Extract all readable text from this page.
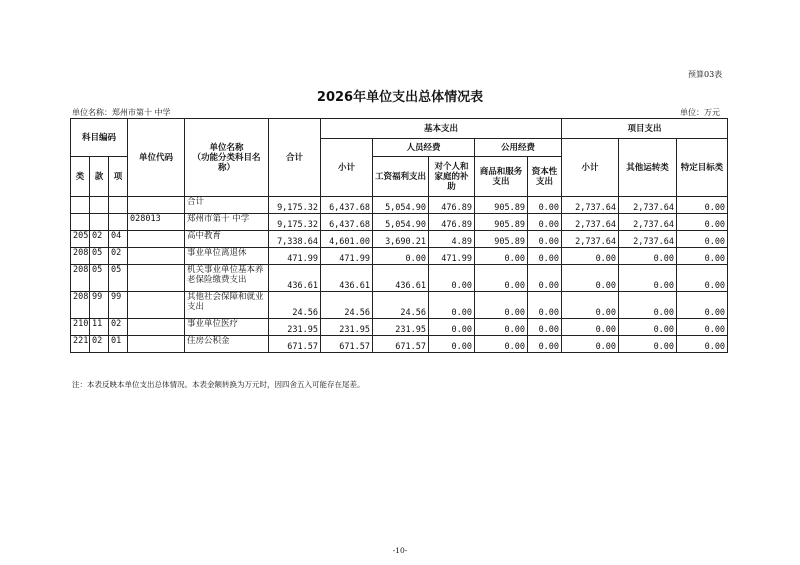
预算03表
2026年单位支出总体情况表
单位名称：郑州市第十 中学	单位：万元
科目编码			单位代码	单位名称
（功能分类科目名称）	合计	基本支出					项目支出		
						小计	人员经费		公用经费		小计	其他运转类	特定目标类
类	款	项					工资福利支出	对个人和家庭的补助	商品和服务支出	资本性支出			

				合计	9,175.32	6,437.68	5,054.90	476.89	905.89	0.00	2,737.64	2,737.64	0.00
			028013	郑州市第十 中学	9,175.32	6,437.68	5,054.90	476.89	905.89	0.00	2,737.64	2,737.64	0.00
205	02	04		高中教育	7,338.64	4,601.00	3,690.21	4.89	905.89	0.00	2,737.64	2,737.64	0.00
208	05	02		事业单位离退休	471.99	471.99	0.00	471.99	0.00	0.00	0.00	0.00	0.00
208	05	05		机关事业单位基本养老保险缴费支出	436.61	436.61	436.61	0.00	0.00	0.00	0.00	0.00	0.00
208	99	99		其他社会保障和就业支出	24.56	24.56	24.56	0.00	0.00	0.00	0.00	0.00	0.00
210	11	02		事业单位医疗	231.95	231.95	231.95	0.00	0.00	0.00	0.00	0.00	0.00
221	02	01		住房公积金	671.57	671.57	671.57	0.00	0.00	0.00	0.00	0.00	0.00
注：本表反映本单位支出总体情况。本表金额转换为万元时，因四舍五入可能存在尾差。
-10-
